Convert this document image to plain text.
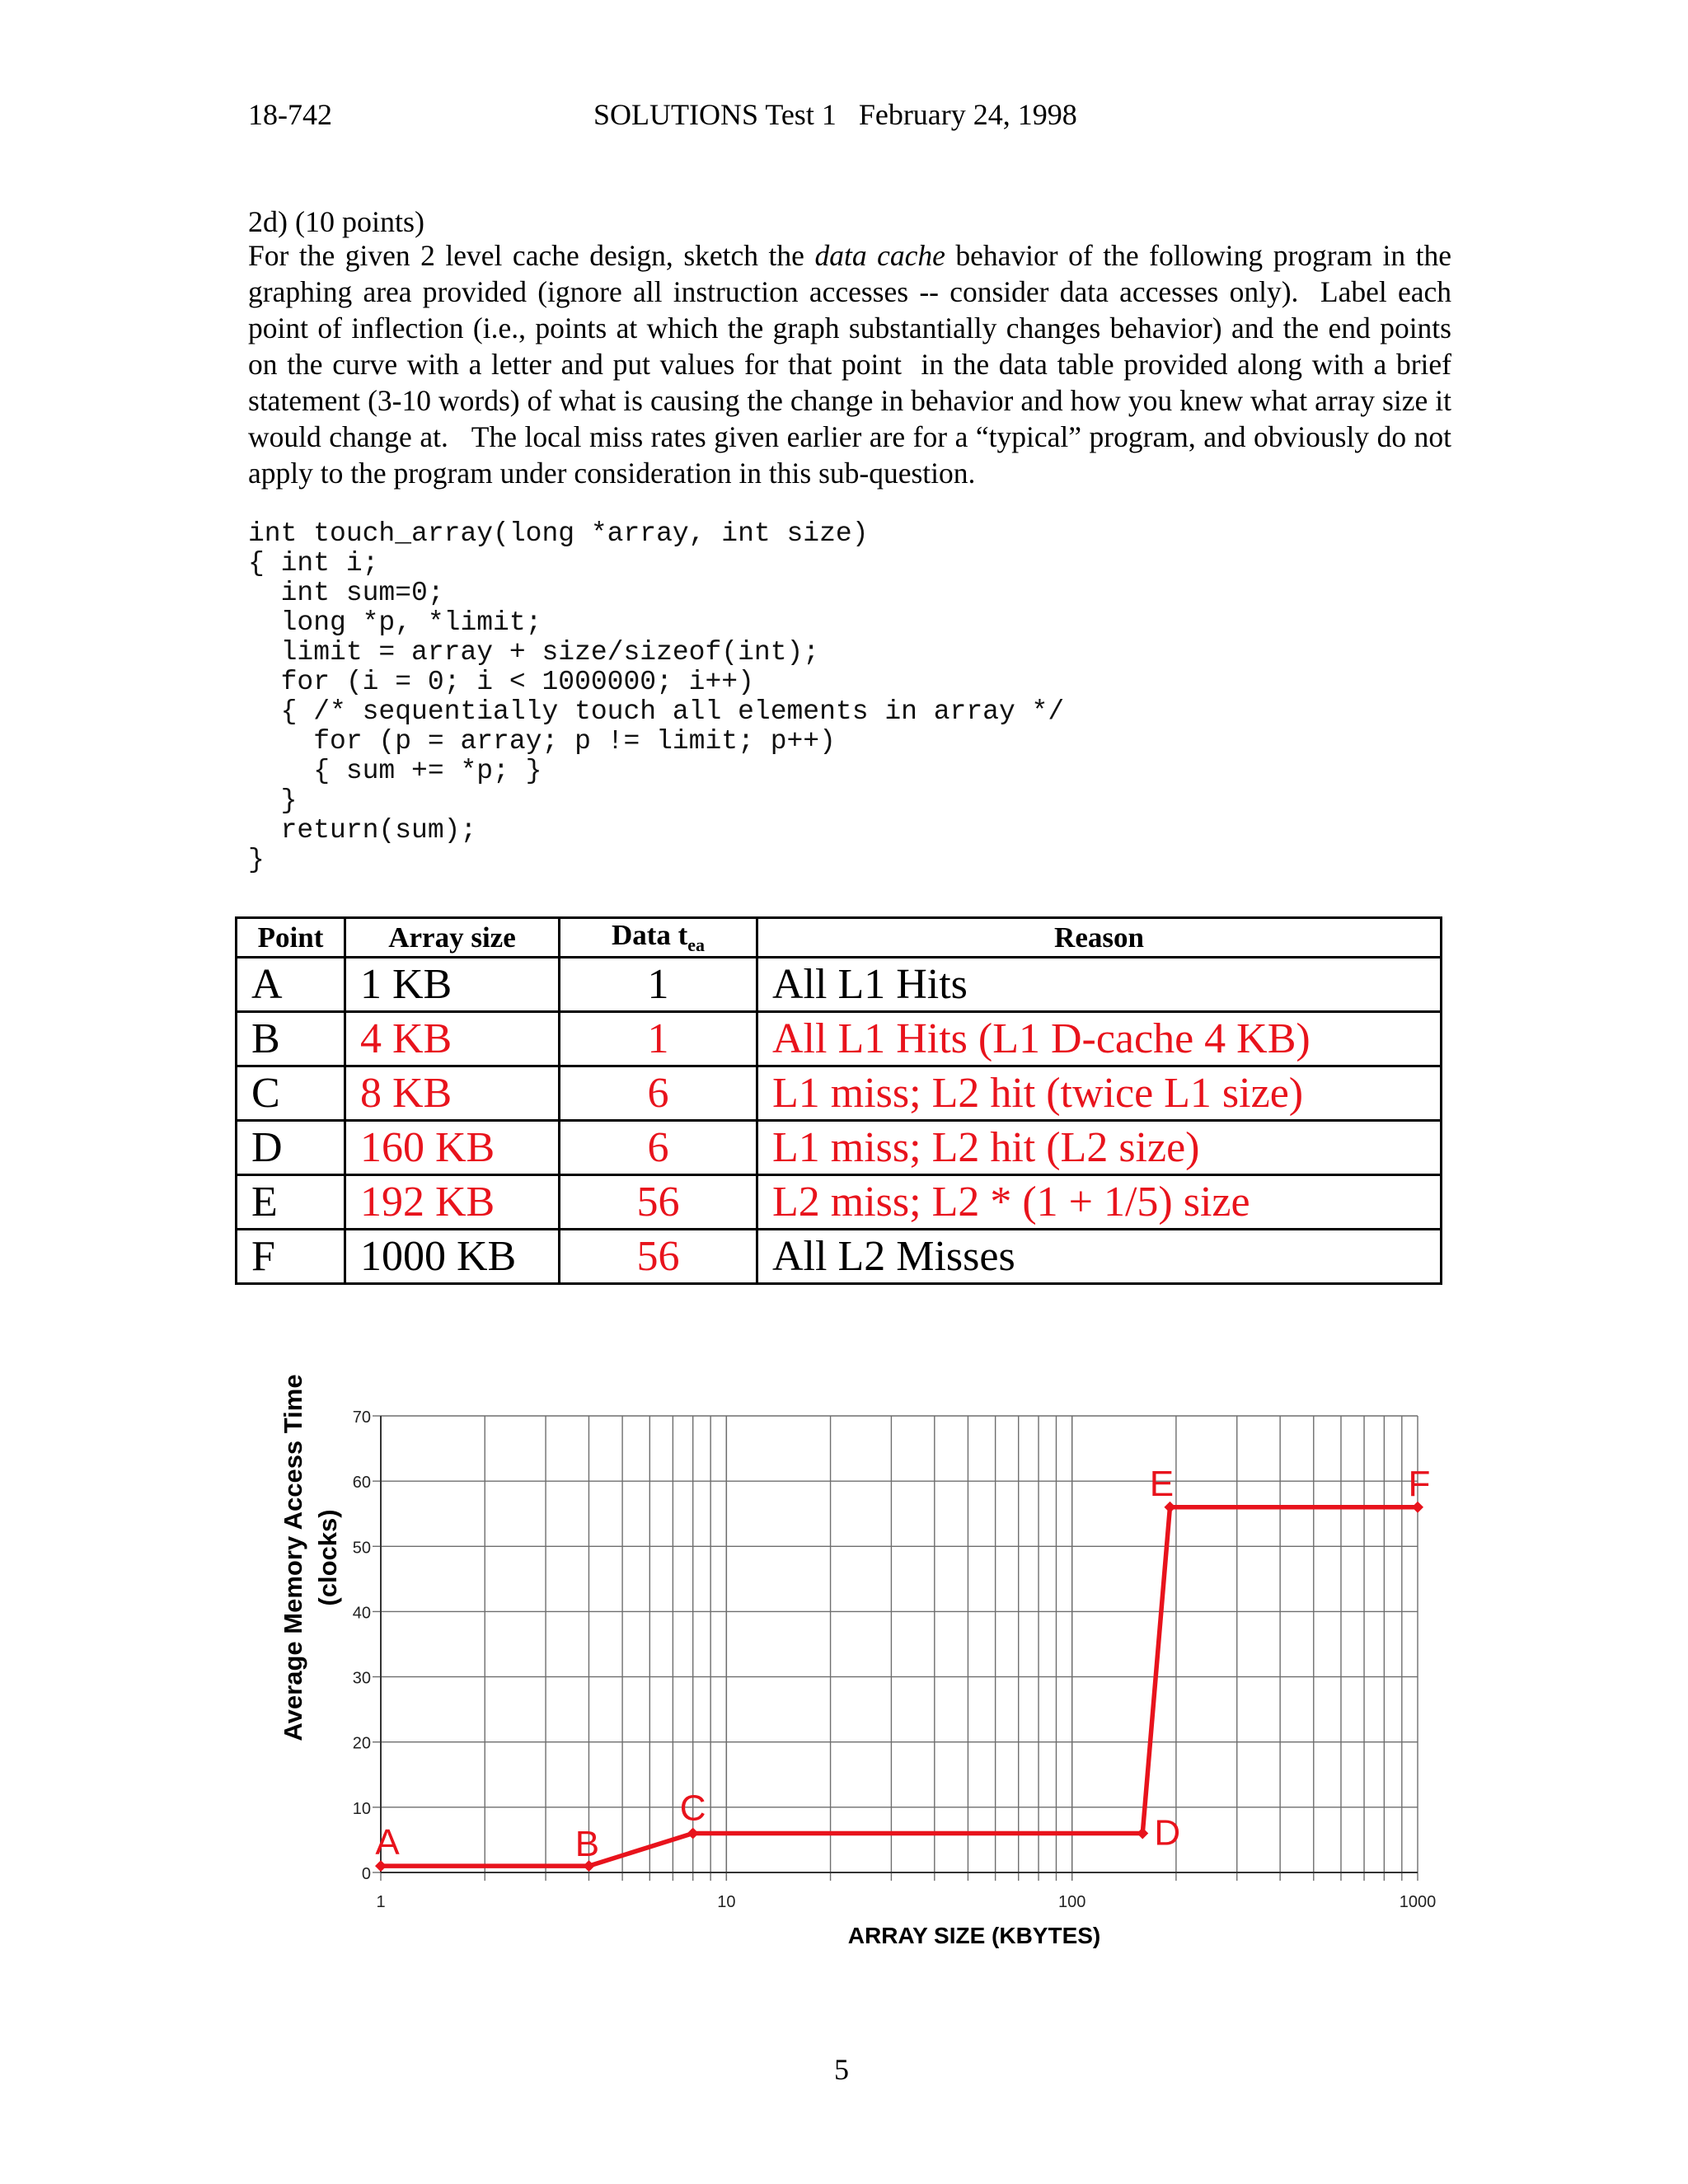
18-742	SOLUTIONS Test 1   February 24, 1998
2d) (10 points)
For the given 2 level cache design, sketch the data cache behavior of the following program in the graphing area provided (ignore all instruction accesses -- consider data accesses only).  Label each point of inflection (i.e., points at which the graph substantially changes behavior) and the end points on the curve with a letter and put values for that point  in the data table provided along with a brief statement (3-10 words) of what is causing the change in behavior and how you knew what array size it would change at.   The local miss rates given earlier are for a “typical” program, and obviously do not apply to the program under consideration in this sub-question.
int touch_array(long *array, int size)
{ int i;
int sum=0;
long *p, *limit;
limit = array + size/sizeof(int);
for (i = 0; i < 1000000; i++)
{ /* sequentially touch all elements in array */
for (p = array; p != limit; p++)
{ sum += *p; }
}
return(sum);
}
Point	Array size	Data $t_{ea}$	Reason
A	1 KB	1	All L1 Hits
B	4 KB	1	All L1 Hits (L1 D-cache 4 KB)
C	8 KB	6	L1 miss; L2 hit (twice L1 size)
D	160 KB	6	L1 miss; L2 hit (L2 size)
E	192 KB	56	L2 miss; L2 * (1 + 1/5) size
F	1000 KB	56	All L2 Misses
0
10
20
30
40
50
60
70
1	10	100	1000
A	B
C
D
E	F
ARRAY SIZE (KBYTES)
Average Memory Access Time (clocks)
5
